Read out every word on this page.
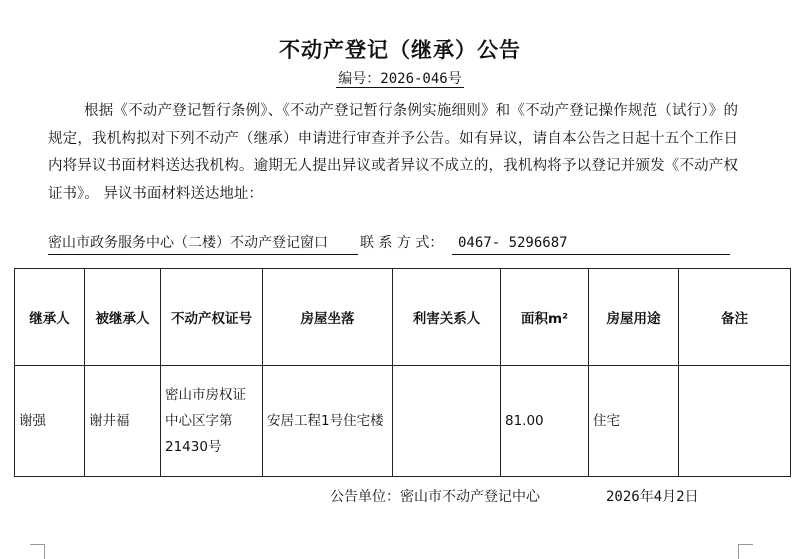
不动产登记（继承）公告
编号：2026-046号
根据《不动产登记暂行条例》、《不动产登记暂行条例实施细则》和《不动产登记操作规范（试行）》的规定，我机构拟对下列不动产（继承）申请进行审查并予公告。如有异议，请自本公告之日起十五个工作日内将异议书面材料送达我机构。逾期无人提出异议或者异议不成立的，我机构将予以登记并颁发《不动产权证书》。 异议书面材料送达地址：
密山市政务服务中心（二楼）不动产登记窗口	联 系 方 式：	0467- 5296687
继承人	被继承人	不动产权证号	房屋坐落	利害关系人	面积m²	房屋用途	备注
谢强	谢井福	密山市房权证中心区字第21430号	安居工程1号住宅楼		81.00	住宅	
公告单位：密山市不动产登记中心	2026年4月2日
